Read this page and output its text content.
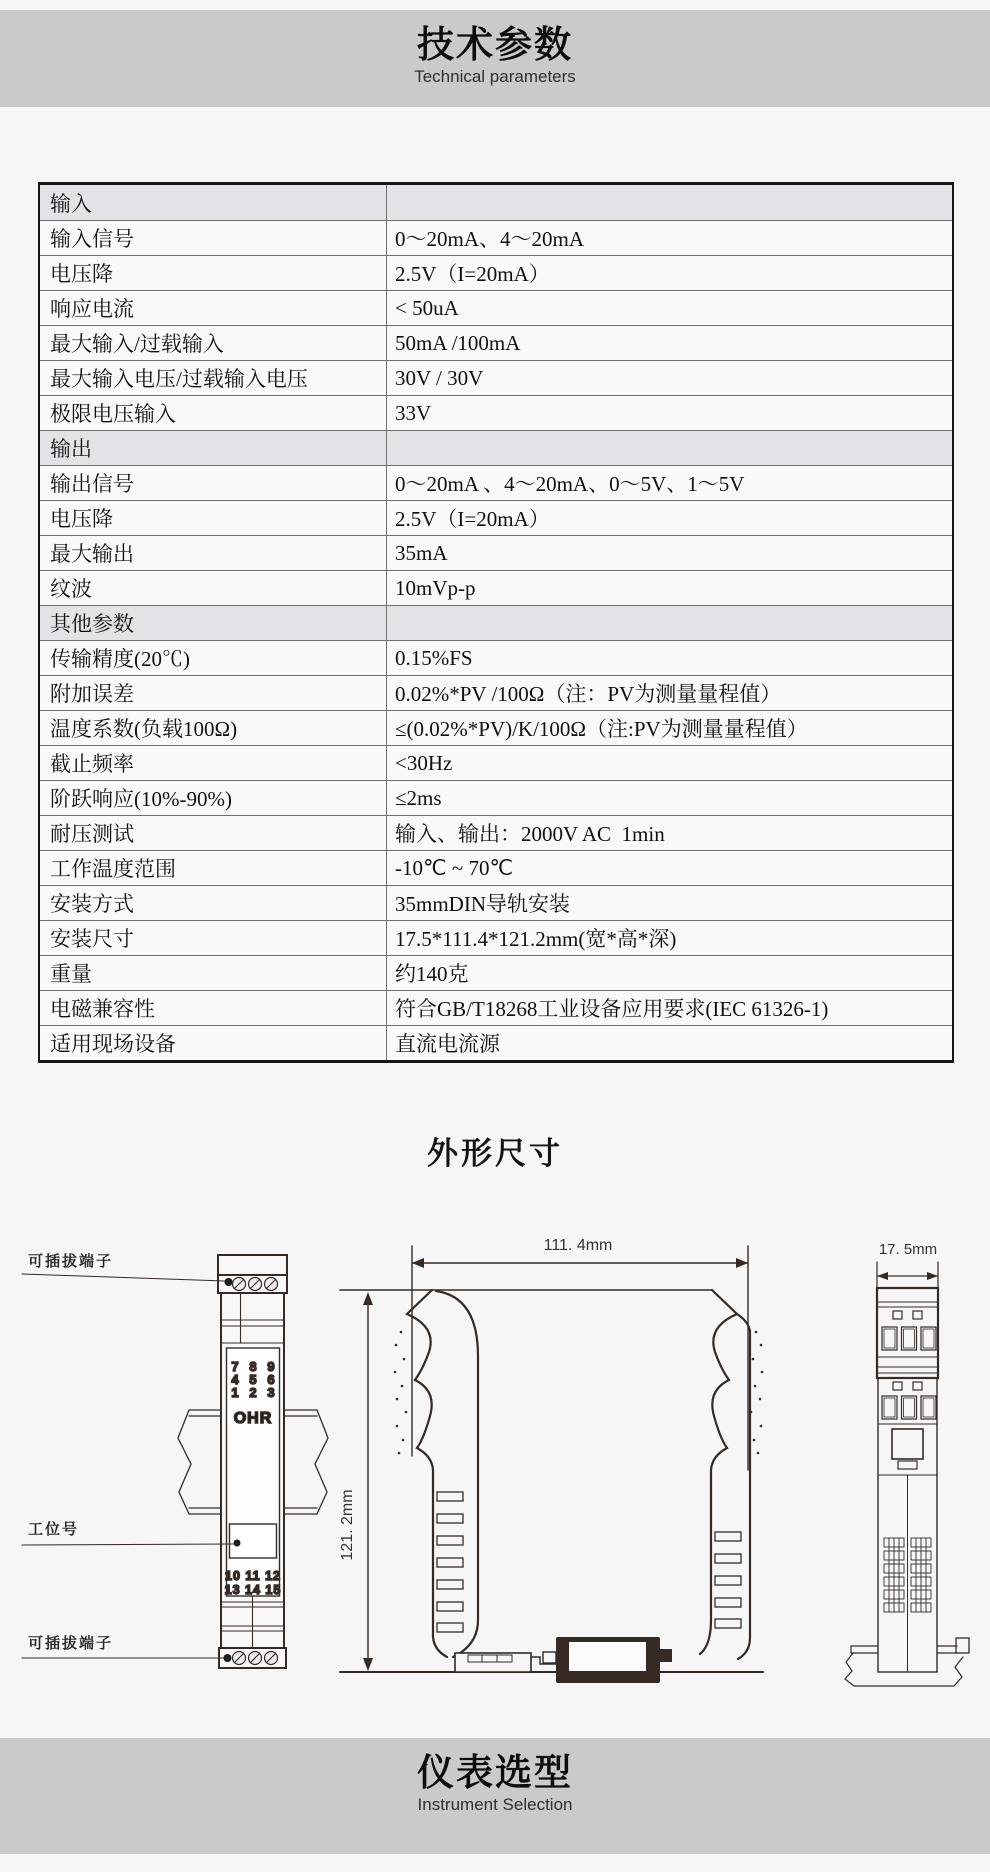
技术参数
Technical parameters
输入
输入信号	0～20mA、4～20mA
电压降	2.5V（I=20mA）
响应电流	< 50uA
最大输入/过载输入	50mA /100mA
最大输入电压/过载输入电压	30V / 30V
极限电压输入	33V
输出
输出信号	0～20mA 、4～20mA、0～5V、1～5V
电压降	2.5V（I=20mA）
最大输出	35mA
纹波	10mVp-p
其他参数
传输精度(20℃)	0.15%FS
附加误差	0.02%*PV /100Ω（注：PV为测量量程值）
温度系数(负载100Ω)	≤(0.02%*PV)/K/100Ω（注:PV为测量量程值）
截止频率	<30Hz
阶跃响应(10%-90%)	≤2ms
耐压测试	输入、输出：2000V AC  1min
工作温度范围	-10℃ ~ 70℃
安装方式	35mmDIN导轨安装
安装尺寸	17.5*111.4*121.2mm(宽*高*深)
重量	约140克
电磁兼容性	符合GB/T18268工业设备应用要求(IEC 61326-1)
适用现场设备	直流电流源
外形尺寸
7 8 9
4 5 6
1 2 3
OHR
10 11 12
13 14 15
可插拔端子
工位号
可插拔端子
111. 4mm
121. 2mm
17. 5mm
仪表选型
Instrument Selection
